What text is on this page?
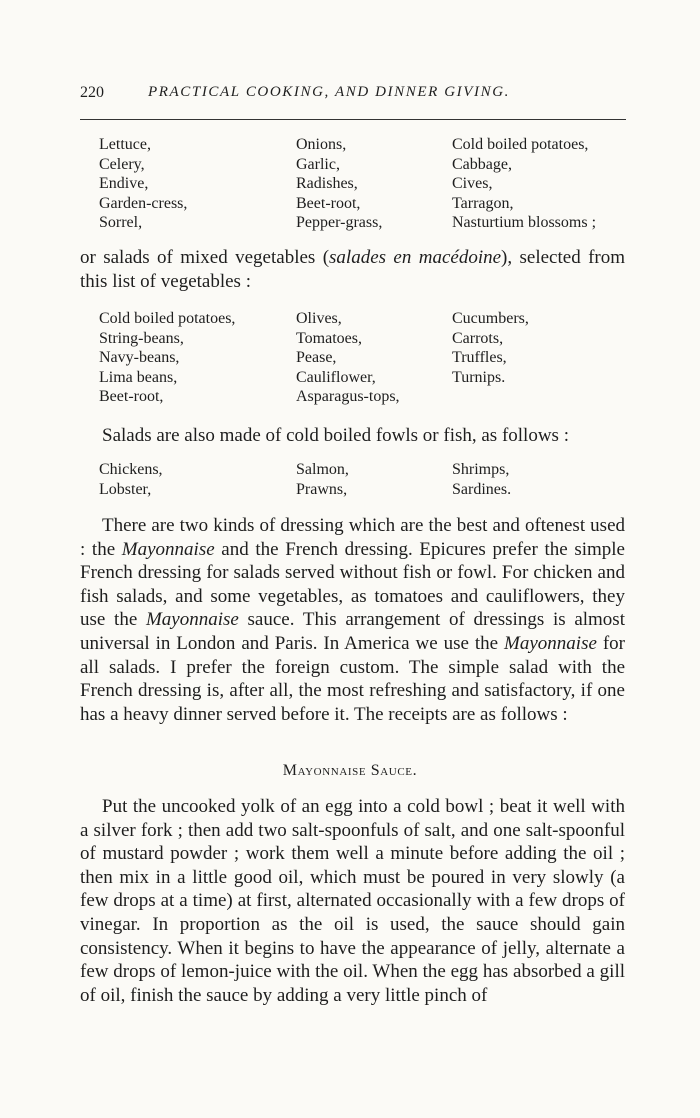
220	PRACTICAL COOKING, AND DINNER GIVING.
Lettuce,
Celery,
Endive,
Garden-cress,
Sorrel,
Onions,
Garlic,
Radishes,
Beet-root,
Pepper-grass,
Cold boiled potatoes,
Cabbage,
Cives,
Tarragon,
Nasturtium blossoms ;

or salads of mixed vegetables (salades en macédoine), selected from this list of vegetables :

Cold boiled potatoes,
String-beans,
Navy-beans,
Lima beans,
Beet-root,
Olives,
Tomatoes,
Pease,
Cauliflower,
Asparagus-tops,
Cucumbers,
Carrots,
Truffles,
Turnips.

Salads are also made of cold boiled fowls or fish, as follows :

Chickens,
Lobster,
Salmon,
Prawns,
Shrimps,
Sardines.

There are two kinds of dressing which are the best and oftenest used : the Mayonnaise and the French dressing. Epicures prefer the simple French dressing for salads served without fish or fowl. For chicken and fish salads, and some vegetables, as tomatoes and cauliflowers, they use the Mayonnaise sauce. This arrangement of dressings is almost universal in London and Paris. In America we use the Mayonnaise for all salads. I prefer the foreign custom. The simple salad with the French dressing is, after all, the most refreshing and satisfactory, if one has a heavy dinner served before it. The receipts are as follows :

Mayonnaise Sauce.

Put the uncooked yolk of an egg into a cold bowl ; beat it well with a silver fork ; then add two salt-spoonfuls of salt, and one salt-spoonful of mustard powder ; work them well a minute before adding the oil ; then mix in a little good oil, which must be poured in very slowly (a few drops at a time) at first, alternated occasionally with a few drops of vinegar. In proportion as the oil is used, the sauce should gain consistency. When it begins to have the appearance of jelly, alternate a few drops of lemon-juice with the oil. When the egg has absorbed a gill of oil, finish the sauce by adding a very little pinch of
